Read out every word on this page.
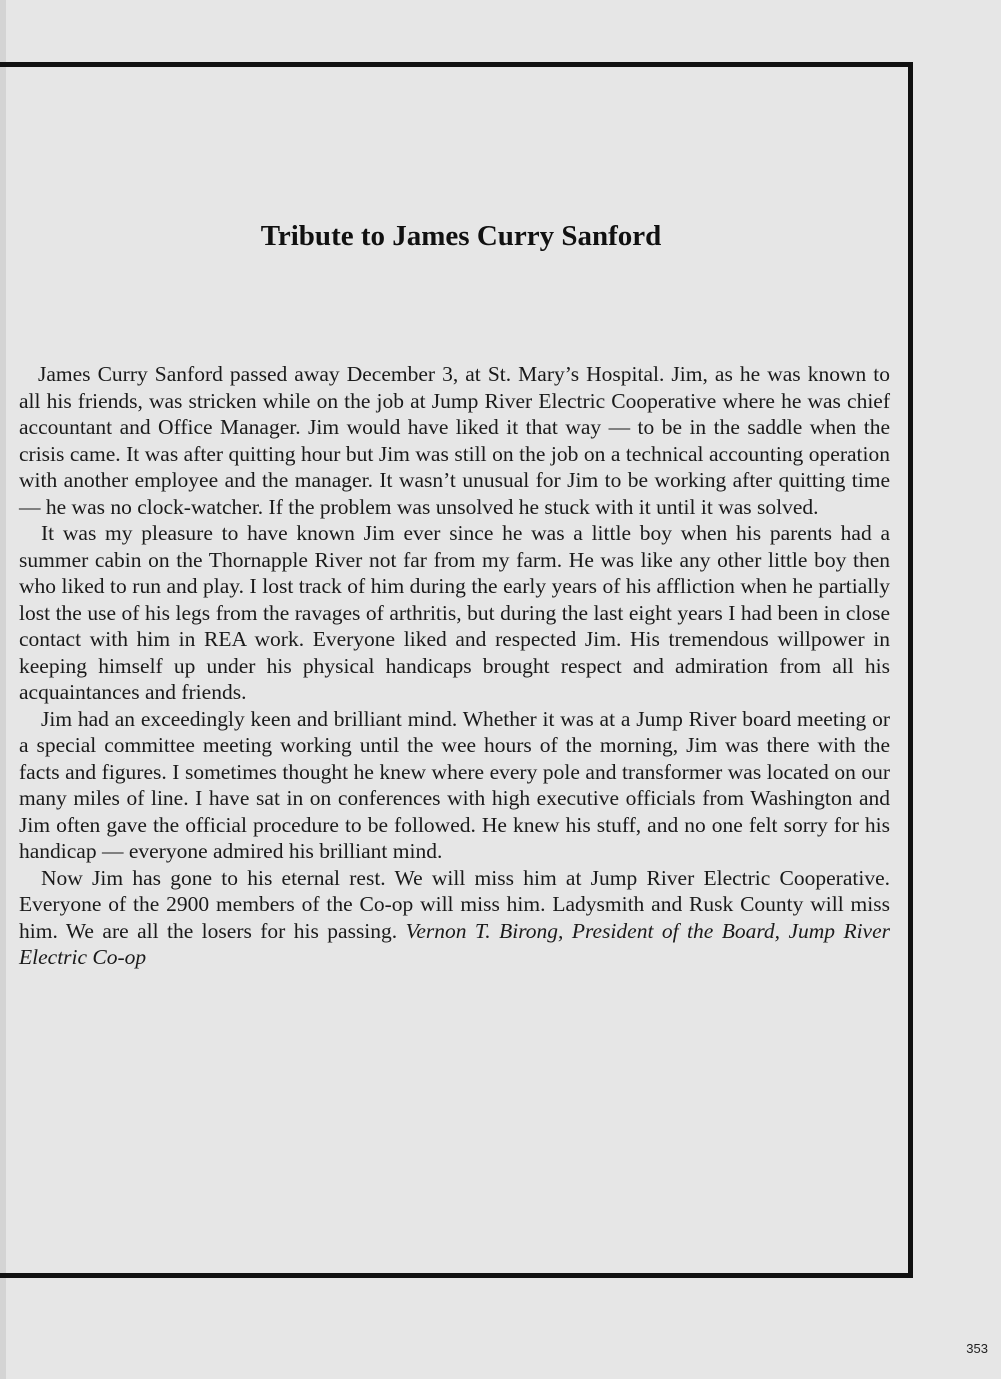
Tribute to James Curry Sanford

James Curry Sanford passed away December 3, at St. Mary’s Hospital. Jim, as he was known to all his friends, was stricken while on the job at Jump River Electric Cooperative where he was chief accountant and Office Manager. Jim would have liked it that way — to be in the saddle when the crisis came. It was after quitting hour but Jim was still on the job on a technical accounting operation with another employee and the manager. It wasn’t unusual for Jim to be working after quitting time — he was no clock-watcher. If the problem was unsolved he stuck with it until it was solved.

It was my pleasure to have known Jim ever since he was a little boy when his parents had a summer cabin on the Thornapple River not far from my farm. He was like any other little boy then who liked to run and play. I lost track of him during the early years of his affliction when he partially lost the use of his legs from the ravages of arthritis, but during the last eight years I had been in close contact with him in REA work. Everyone liked and respected Jim. His tremendous willpower in keeping himself up under his physical handicaps brought respect and admiration from all his acquaintances and friends.

Jim had an exceedingly keen and brilliant mind. Whether it was at a Jump River board meeting or a special committee meeting working until the wee hours of the morning, Jim was there with the facts and figures. I sometimes thought he knew where every pole and transformer was located on our many miles of line. I have sat in on conferences with high executive officials from Washington and Jim often gave the official procedure to be followed. He knew his stuff, and no one felt sorry for his handicap — everyone admired his brilliant mind.

Now Jim has gone to his eternal rest. We will miss him at Jump River Electric Cooperative. Everyone of the 2900 members of the Co-op will miss him. Ladysmith and Rusk County will miss him. We are all the losers for his passing. Vernon T. Birong, President of the Board, Jump River Electric Co-op

353
